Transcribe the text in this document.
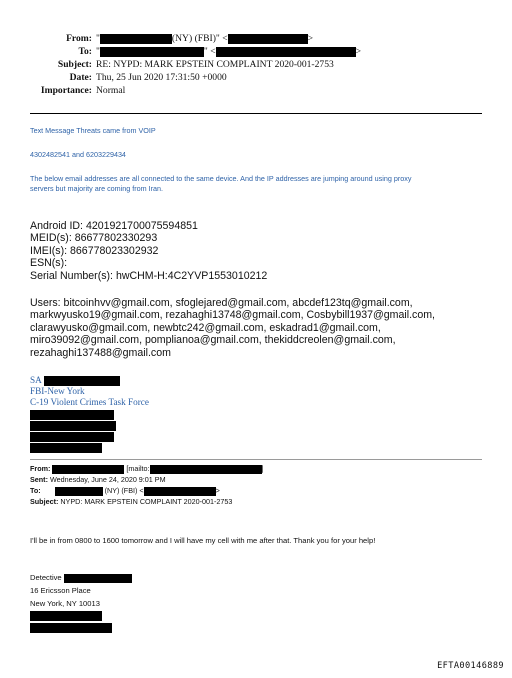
From: "	(NY) (FBI)" <	>
To: "	" <	>
Subject: RE: NYPD: MARK EPSTEIN COMPLAINT 2020-001-2753
Date: Thu, 25 Jun 2020 17:31:50 +0000
Importance: Normal
Text Message Threats came from VOIP
4302482541 and 6203229434
The below email addresses are all connected to the same device. And the IP addresses are jumping around using proxy
servers but majority are coming from Iran.
Android ID: 4201921700075594851
MEID(s): 86677802330293
IMEI(s): 866778023302932
ESN(s):
Serial Number(s): hwCHM-H:4C2YVP1553010212
Users: bitcoinhvv@gmail.com, sfoglejared@gmail.com, abcdef123tq@gmail.com,
markwyusko19@gmail.com, rezahaghi13748@gmail.com, Cosbybill1937@gmail.com,
clarawyusko@gmail.com, newbtc242@gmail.com, eskadrad1@gmail.com,
miro39092@gmail.com, pomplianoa@gmail.com, thekiddcreolen@gmail.com,
rezahaghi137488@gmail.com
SA
FBI-New York
C-19 Violent Crimes Task Force
From:	[mailto:	]
Sent: Wednesday, June 24, 2020 9:01 PM
To:	(NY) (FBI) <	>
Subject: NYPD: MARK EPSTEIN COMPLAINT 2020-001-2753
I'll be in from 0800 to 1600 tomorrow and I will have my cell with me after that. Thank you for your help!
Detective
16 Ericsson Place
New York, NY 10013
EFTA00146889
